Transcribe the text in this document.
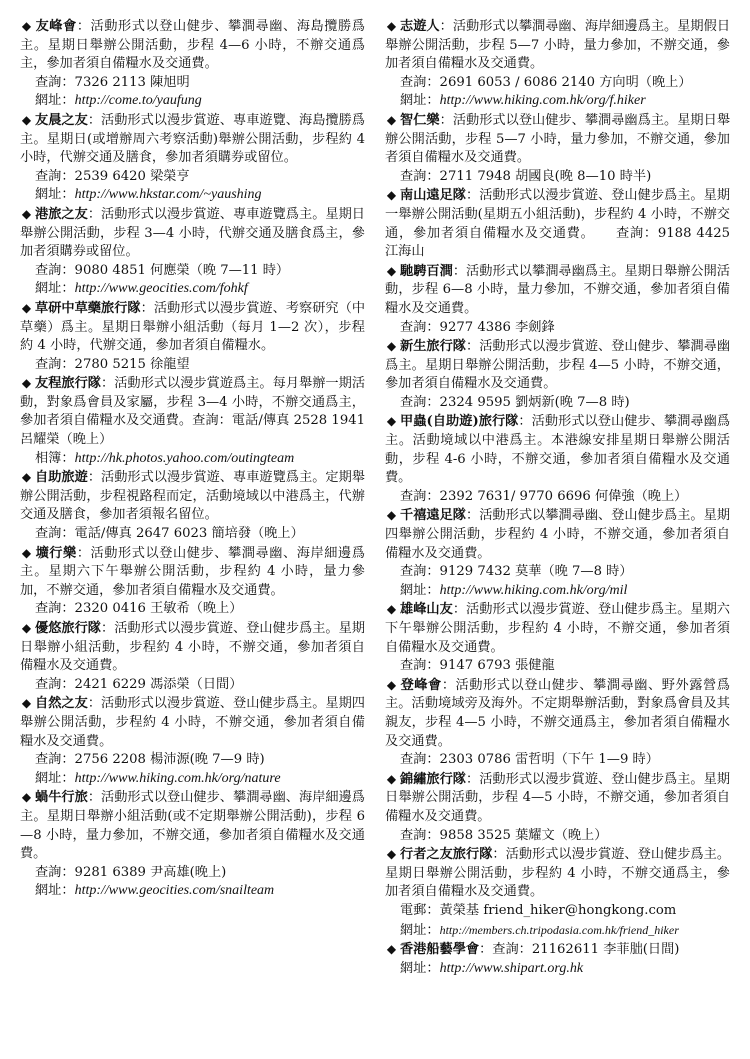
◆ 友峰會：活動形式以登山健步、攀澗尋幽、海島攬勝爲主。星期日舉辦公開活動，步程 4—6 小時，不辦交通爲主，參加者須自備糧水及交通費。
查詢：7326 2113 陳旭明
網址：http://come.to/yaufung
◆ 友晨之友：活動形式以漫步賞遊、專車遊覽、海島攬勝爲主。星期日(或增辦周六考察活動)舉辦公開活動，步程約 4 小時，代辦交通及膳食，參加者須購券或留位。
查詢：2539 6420 梁榮亨
網址：http://www.hkstar.com/~yaushing
◆ 港旅之友：活動形式以漫步賞遊、專車遊覽爲主。星期日舉辦公開活動，步程 3—4 小時，代辦交通及膳食爲主，參加者須購券或留位。
查詢：9080 4851 何應榮（晚 7—11 時）
網址：http://www.geocities.com/fohkf
◆ 草研中草藥旅行隊：活動形式以漫步賞遊、考察研究（中草藥）爲主。星期日舉辦小組活動（每月 1—2 次），步程約 4 小時，代辦交通，參加者須自備糧水。
查詢：2780 5215 徐龍望
◆ 友程旅行隊：活動形式以漫步賞遊爲主。每月舉辦一期活動，對象爲會員及家屬，步程 3—4 小時，不辦交通爲主，參加者須自備糧水及交通費。查詢：電話/傳真 2528 1941 呂耀榮（晚上）
相簿：http://hk.photos.yahoo.com/outingteam
◆ 自助旅遊：活動形式以漫步賞遊、專車遊覽爲主。定期舉辦公開活動，步程視路程而定，活動境域以中港爲主，代辦交通及膳食，參加者須報名留位。
查詢：電話/傳真 2647 6023 簡培發（晚上）
◆ 壙行樂：活動形式以登山健步、攀澗尋幽、海岸細邊爲主。星期六下午舉辦公開活動，步程約 4 小時，量力參加，不辦交通，參加者須自備糧水及交通費。
查詢：2320 0416 王敏希（晚上）
◆ 優悠旅行隊：活動形式以漫步賞遊、登山健步爲主。星期日舉辦小組活動，步程約 4 小時，不辦交通，參加者須自備糧水及交通費。
查詢：2421 6229 馮添榮（日間）
◆ 自然之友：活動形式以漫步賞遊、登山健步爲主。星期四舉辦公開活動，步程約 4 小時，不辦交通，參加者須自備糧水及交通費。
查詢：2756 2208 楊沛源(晚 7—9 時)
網址：http://www.hiking.com.hk/org/nature
◆ 蝸牛行旅：活動形式以登山健步、攀澗尋幽、海岸細邊爲主。星期日舉辦小組活動(或不定期舉辦公開活動)，步程 6—8 小時，量力參加，不辦交通，參加者須自備糧水及交通費。
查詢：9281 6389 尹高雄(晚上)
網址：http://www.geocities.com/snailteam
◆ 志遊人：活動形式以攀澗尋幽、海岸細邊爲主。星期假日舉辦公開活動，步程 5—7 小時，量力參加，不辦交通，參加者須自備糧水及交通費。
查詢：2691 6053 / 6086 2140 方向明（晚上）
網址：http://www.hiking.com.hk/org/f.hiker
◆ 智仁樂：活動形式以登山健步、攀澗尋幽爲主。星期日舉辦公開活動，步程 5—7 小時，量力參加，不辦交通，參加者須自備糧水及交通費。
查詢：2711 7948 胡國良(晚 8—10 時半)
◆ 南山遠足隊：活動形式以漫步賞遊、登山健步爲主。星期一舉辦公開活動(星期五小組活動)，步程約 4 小時，不辦交通，參加者須自備糧水及交通費。　　查詢：9188 4425 江海山
◆ 馳騁百澗：活動形式以攀澗尋幽爲主。星期日舉辦公開活動，步程 6—8 小時，量力參加，不辦交通，參加者須自備糧水及交通費。
查詢：9277 4386 李劍鋒
◆ 新生旅行隊：活動形式以漫步賞遊、登山健步、攀澗尋幽爲主。星期日舉辦公開活動，步程 4—5 小時，不辦交通，參加者須自備糧水及交通費。
查詢：2324 9595 劉炳新(晚 7—8 時)
◆ 甲蟲(自助遊)旅行隊：活動形式以登山健步、攀澗尋幽爲主。活動境域以中港爲主。本港線安排星期日舉辦公開活動，步程 4-6 小時，不辦交通，參加者須自備糧水及交通費。
查詢：2392 7631/ 9770 6696 何偉強（晚上）
◆ 千禧遠足隊：活動形式以攀澗尋幽、登山健步爲主。星期四舉辦公開活動，步程約 4 小時，不辦交通，參加者須自備糧水及交通費。
查詢：9129 7432 莫華（晚 7—8 時）
網址：http://www.hiking.com.hk/org/mil
◆ 雄峰山友：活動形式以漫步賞遊、登山健步爲主。星期六下午舉辦公開活動，步程約 4 小時，不辦交通，參加者須自備糧水及交通費。
查詢：9147 6793 張健龍
◆ 登峰會：活動形式以登山健步、攀澗尋幽、野外露營爲主。活動境域旁及海外。不定期舉辦活動，對象爲會員及其親友，步程 4—5 小時，不辦交通爲主，參加者須自備糧水及交通費。
查詢：2303 0786 雷哲明（下午 1—9 時）
◆ 錦繡旅行隊：活動形式以漫步賞遊、登山健步爲主。星期日舉辦公開活動，步程 4—5 小時，不辦交通，參加者須自備糧水及交通費。
查詢：9858 3525 葉耀文（晚上）
◆ 行者之友旅行隊：活動形式以漫步賞遊、登山健步爲主。星期日舉辦公開活動，步程約 4 小時，不辦交通爲主，參加者須自備糧水及交通費。
電郵：黃榮基 friend_hiker@hongkong.com
網址：http://members.ch.tripodasia.com.hk/friend_hiker
◆ 香港船藝學會：查詢：21162611 李菲朏(日間)
網址：http://www.shipart.org.hk
